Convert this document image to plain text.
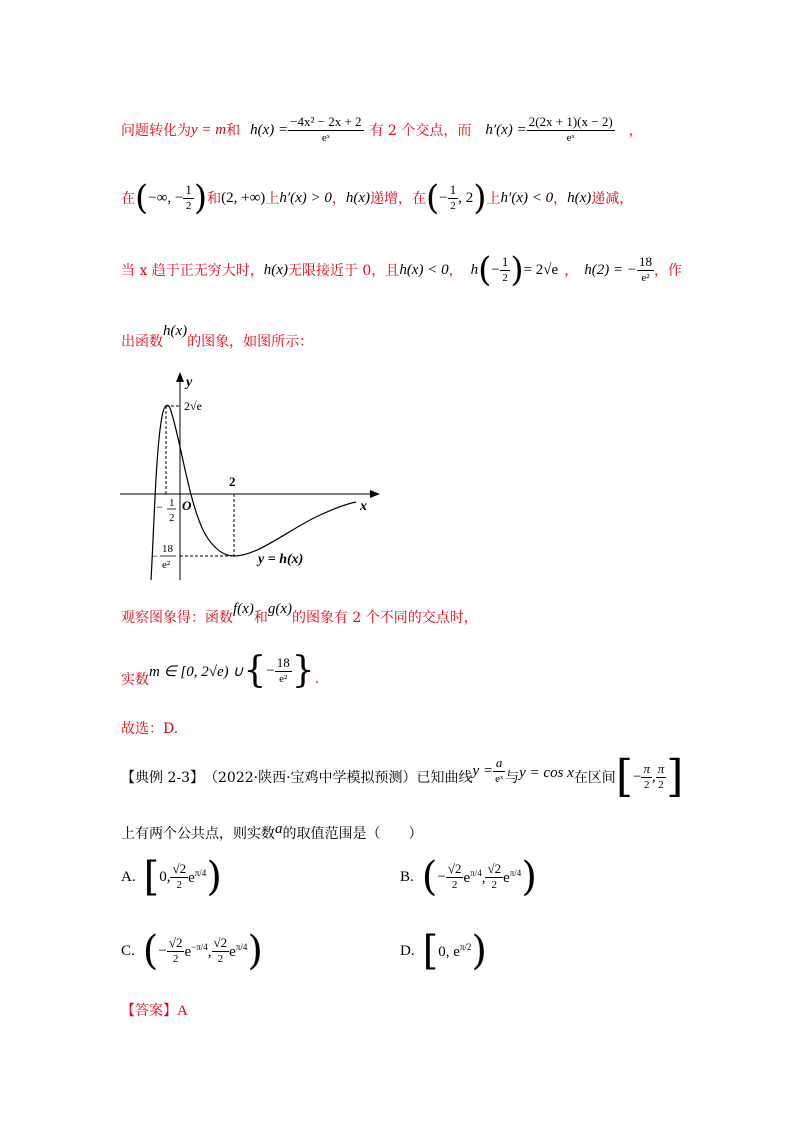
问题转化为 y = m 和 $h(x) = \frac{\text{−4x² − 2x + 2}}{\text{eˣ}}$ 有 2 个交点，而 $h'(x) = \frac{2(2x + 1)(x - 2)}{\text{eˣ}}$ ，
在 ( −∞, − $\frac{1}{2}$ ) 和 (2, +∞) 上 h′(x) > 0 ， h(x) 递增，在 ( − $\frac{1}{2}$ , 2 ) 上 h′(x) < 0 ， h(x) 递减，
当 x 趋于正无穷大时， h(x) 无限接近于 0，且 h(x) < 0 ， h ( − $\frac{1}{2}$ ) = 2√e ， h(2) = − $\frac{18}{\text{e²}}$ ，作
出函数
h(x)
的图象，如图所示：
y
x
O
2√e
2
− 1
2
− 18
e²	y = h(x)
观察图象得：函数
f(x)
和
g(x)
的图象有 2 个不同的交点时，
实数
m ∈ [0, 2√e) ∪ { − $\frac{18}{\text{e²}}$ } .
故选：D.
【典例 2-3】 （2022·陕西·宝鸡中学模拟预测）已知曲线 $y = \frac{a}{\text{eˣ}}$ 与 y = cos x 在区间 [ − $\frac{\pi}{2}$ , $\frac{\pi}{2}$ ]
上有两个公共点，则实数 a 的取值范围是（　　）
A. [ 0, $\frac{√2}{2} e^{\pi/4}$ )	B. ( − $\frac{√2}{2} e^{\pi/4}$, $\frac{√2}{2} e^{\pi/4}$ )
C. ( − $\frac{√2}{2} e^{-\pi/4}$, $\frac{√2}{2} e^{\pi/4}$ )	D. [ 0, $e^{\pi/2}$ )
【答案】A
